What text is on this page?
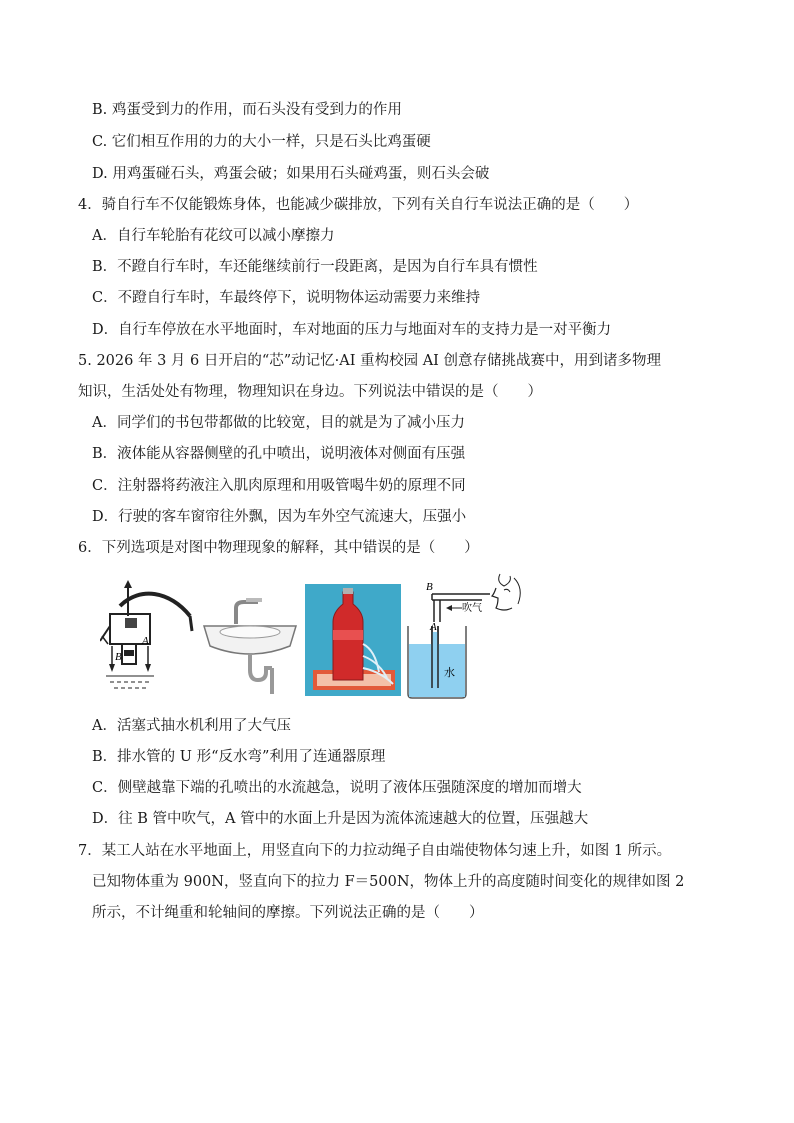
B. 鸡蛋受到力的作用，而石头没有受到力的作用
C. 它们相互作用的力的大小一样，只是石头比鸡蛋硬
D. 用鸡蛋碰石头，鸡蛋会破；如果用石头碰鸡蛋，则石头会破
4．骑自行车不仅能锻炼身体，也能减少碳排放，下列有关自行车说法正确的是（　　）
A．自行车轮胎有花纹可以减小摩擦力
B．不蹬自行车时，车还能继续前行一段距离，是因为自行车具有惯性
C．不蹬自行车时，车最终停下，说明物体运动需要力来维持
D．自行车停放在水平地面时，车对地面的压力与地面对车的支持力是一对平衡力
5. 2026 年 3 月 6 日开启的“芯”动记忆·AI 重构校园 AI 创意存储挑战赛中，用到诸多物理
知识，生活处处有物理，物理知识在身边。下列说法中错误的是（　　）
A．同学们的书包带都做的比较宽，目的就是为了减小压力
B．液体能从容器侧壁的孔中喷出，说明液体对侧面有压强
C．注射器将药液注入肌肉原理和用吸管喝牛奶的原理不同
D．行驶的客车窗帘往外飘，因为车外空气流速大，压强小
6．下列选项是对图中物理现象的解释，其中错误的是（　　）
B
A
B
A
吹气
水
A．活塞式抽水机利用了大气压
B．排水管的 U 形“反水弯”利用了连通器原理
C．侧壁越靠下端的孔喷出的水流越急，说明了液体压强随深度的增加而增大
D．往 B 管中吹气，A 管中的水面上升是因为流体流速越大的位置，压强越大
7．某工人站在水平地面上，用竖直向下的力拉动绳子自由端使物体匀速上升，如图 1 所示。
已知物体重为 900N，竖直向下的拉力 F＝500N，物体上升的高度随时间变化的规律如图 2
所示，不计绳重和轮轴间的摩擦。下列说法正确的是（　　）
